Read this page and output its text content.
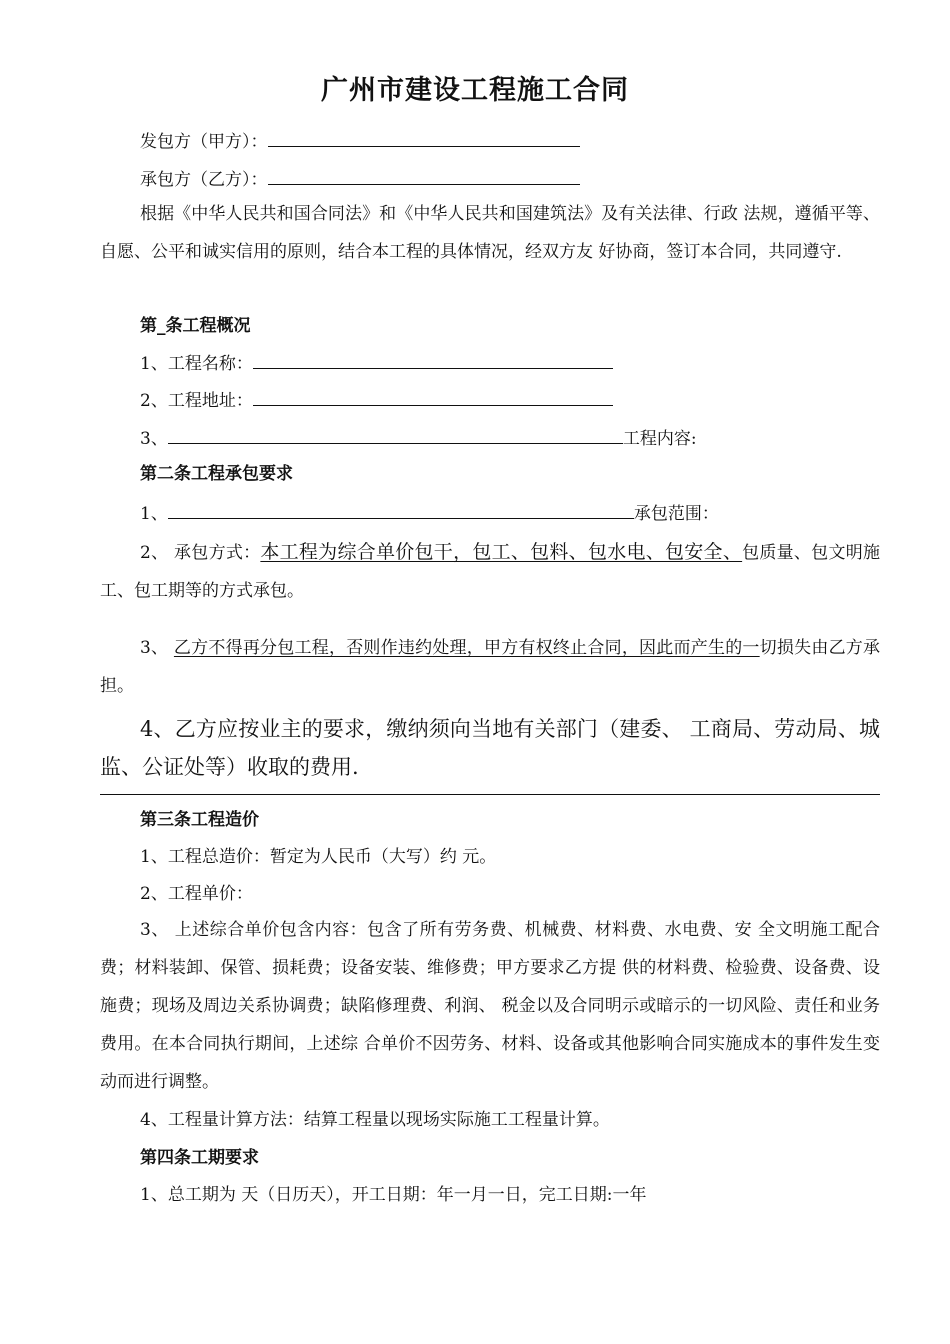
广州市建设工程施工合同
发包方（甲方）：
承包方（乙方）：
根据《中华人民共和国合同法》和《中华人民共和国建筑法》及有关法律、行政 法规，遵循平等、自愿、公平和诚实信用的原则，结合本工程的具体情况，经双方友 好协商，签订本合同，共同遵守.
第_条工程概况
1、工程名称：
2、工程地址：
3、	工程内容:
第二条工程承包要求
1、	承包范围：
2、 承包方式：本工程为综合单价包干，包工、包料、包水电、包安全、包质量、包文明施工、包工期等的方式承包。
3、 乙方不得再分包工程，否则作违约处理，甲方有权终止合同，因此而产生的一切损失由乙方承担。
4、乙方应按业主的要求，缴纳须向当地有关部门（建委、 工商局、劳动局、城监、公证处等）收取的费用.
第三条工程造价
1、工程总造价：暂定为人民币（大写）约 元。
2、工程单价：
3、 上述综合单价包含内容：包含了所有劳务费、机械费、材料费、水电费、安 全文明施工配合费；材料装卸、保管、损耗费；设备安装、维修费；甲方要求乙方提 供的材料费、检验费、设备费、设施费；现场及周边关系协调费；缺陷修理费、利润、 税金以及合同明示或暗示的一切风险、责任和业务费用。在本合同执行期间，上述综 合单价不因劳务、材料、设备或其他影响合同实施成本的事件发生变动而进行调整。
4、工程量计算方法：结算工程量以现场实际施工工程量计算。
第四条工期要求
1、总工期为 天（日历天），开工日期：年一月一日，完工日期:一年
